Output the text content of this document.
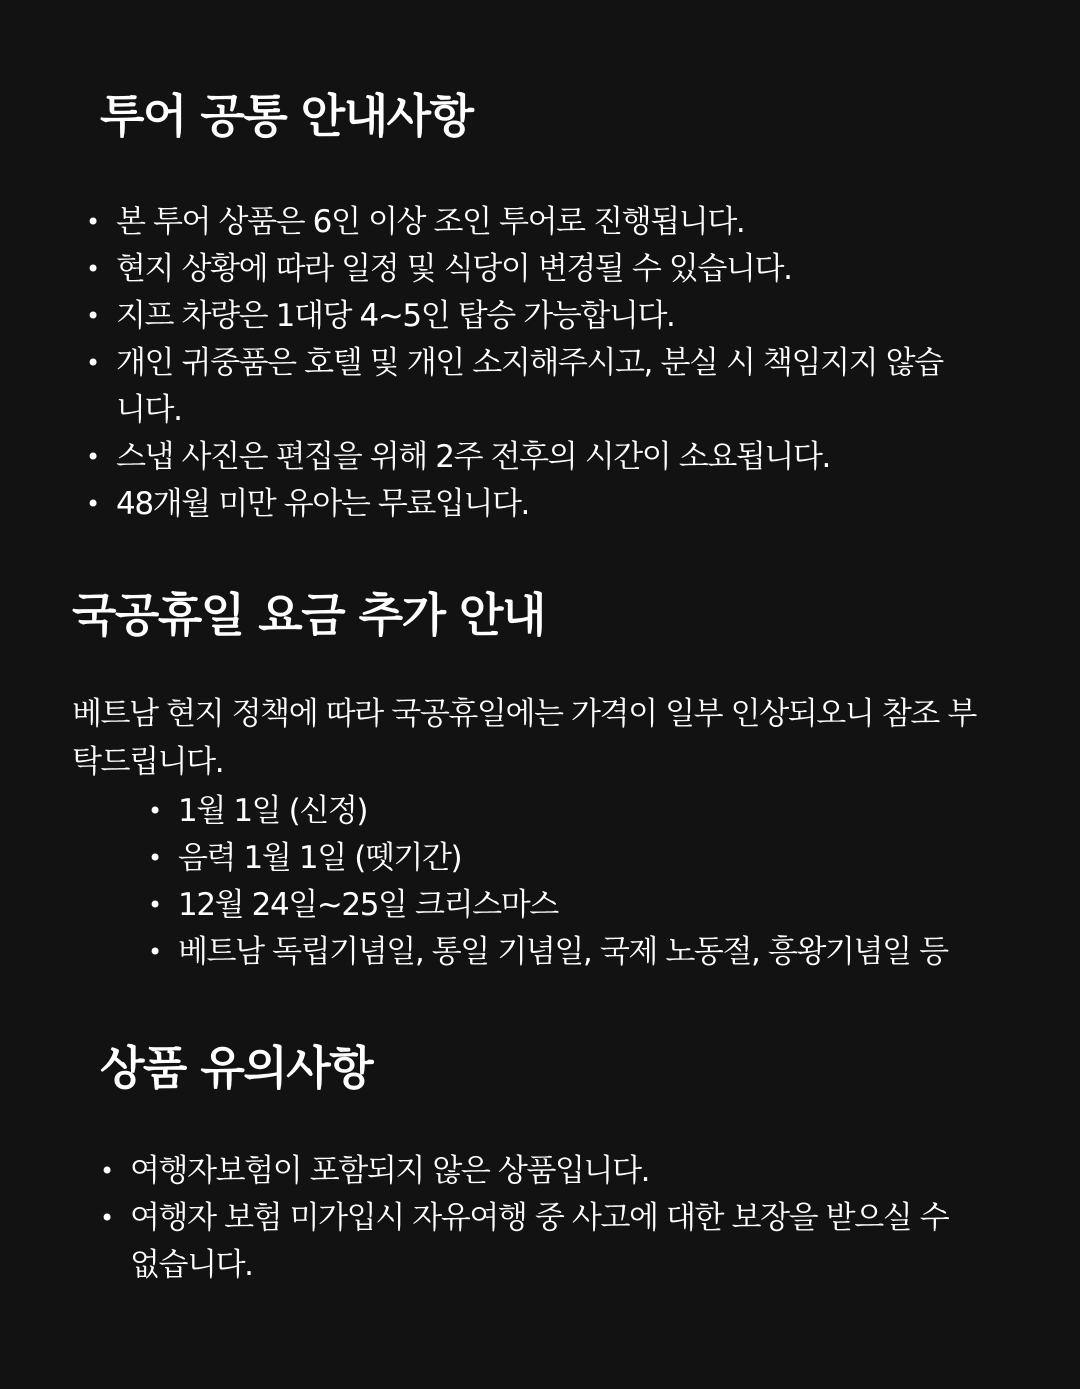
투어 공통 안내사항
• 본 투어 상품은 6인 이상 조인 투어로 진행됩니다.
• 현지 상황에 따라 일정 및 식당이 변경될 수 있습니다.
• 지프 차량은 1대당 4~5인 탑승 가능합니다.
• 개인 귀중품은 호텔 및 개인 소지해주시고, 분실 시 책임지지 않습니다.
• 스냅 사진은 편집을 위해 2주 전후의 시간이 소요됩니다.
• 48개월 미만 유아는 무료입니다.
국공휴일 요금 추가 안내

베트남 현지 정책에 따라 국공휴일에는 가격이 일부 인상되오니 참조 부탁드립니다.

• 1월 1일 (신정)
• 음력 1월 1일 (뗏기간)
• 12월 24일~25일 크리스마스
• 베트남 독립기념일, 통일 기념일, 국제 노동절, 흥왕기념일 등
상품 유의사항
• 여행자보험이 포함되지 않은 상품입니다.
• 여행자 보험 미가입시 자유여행 중 사고에 대한 보장을 받으실 수 없습니다.
